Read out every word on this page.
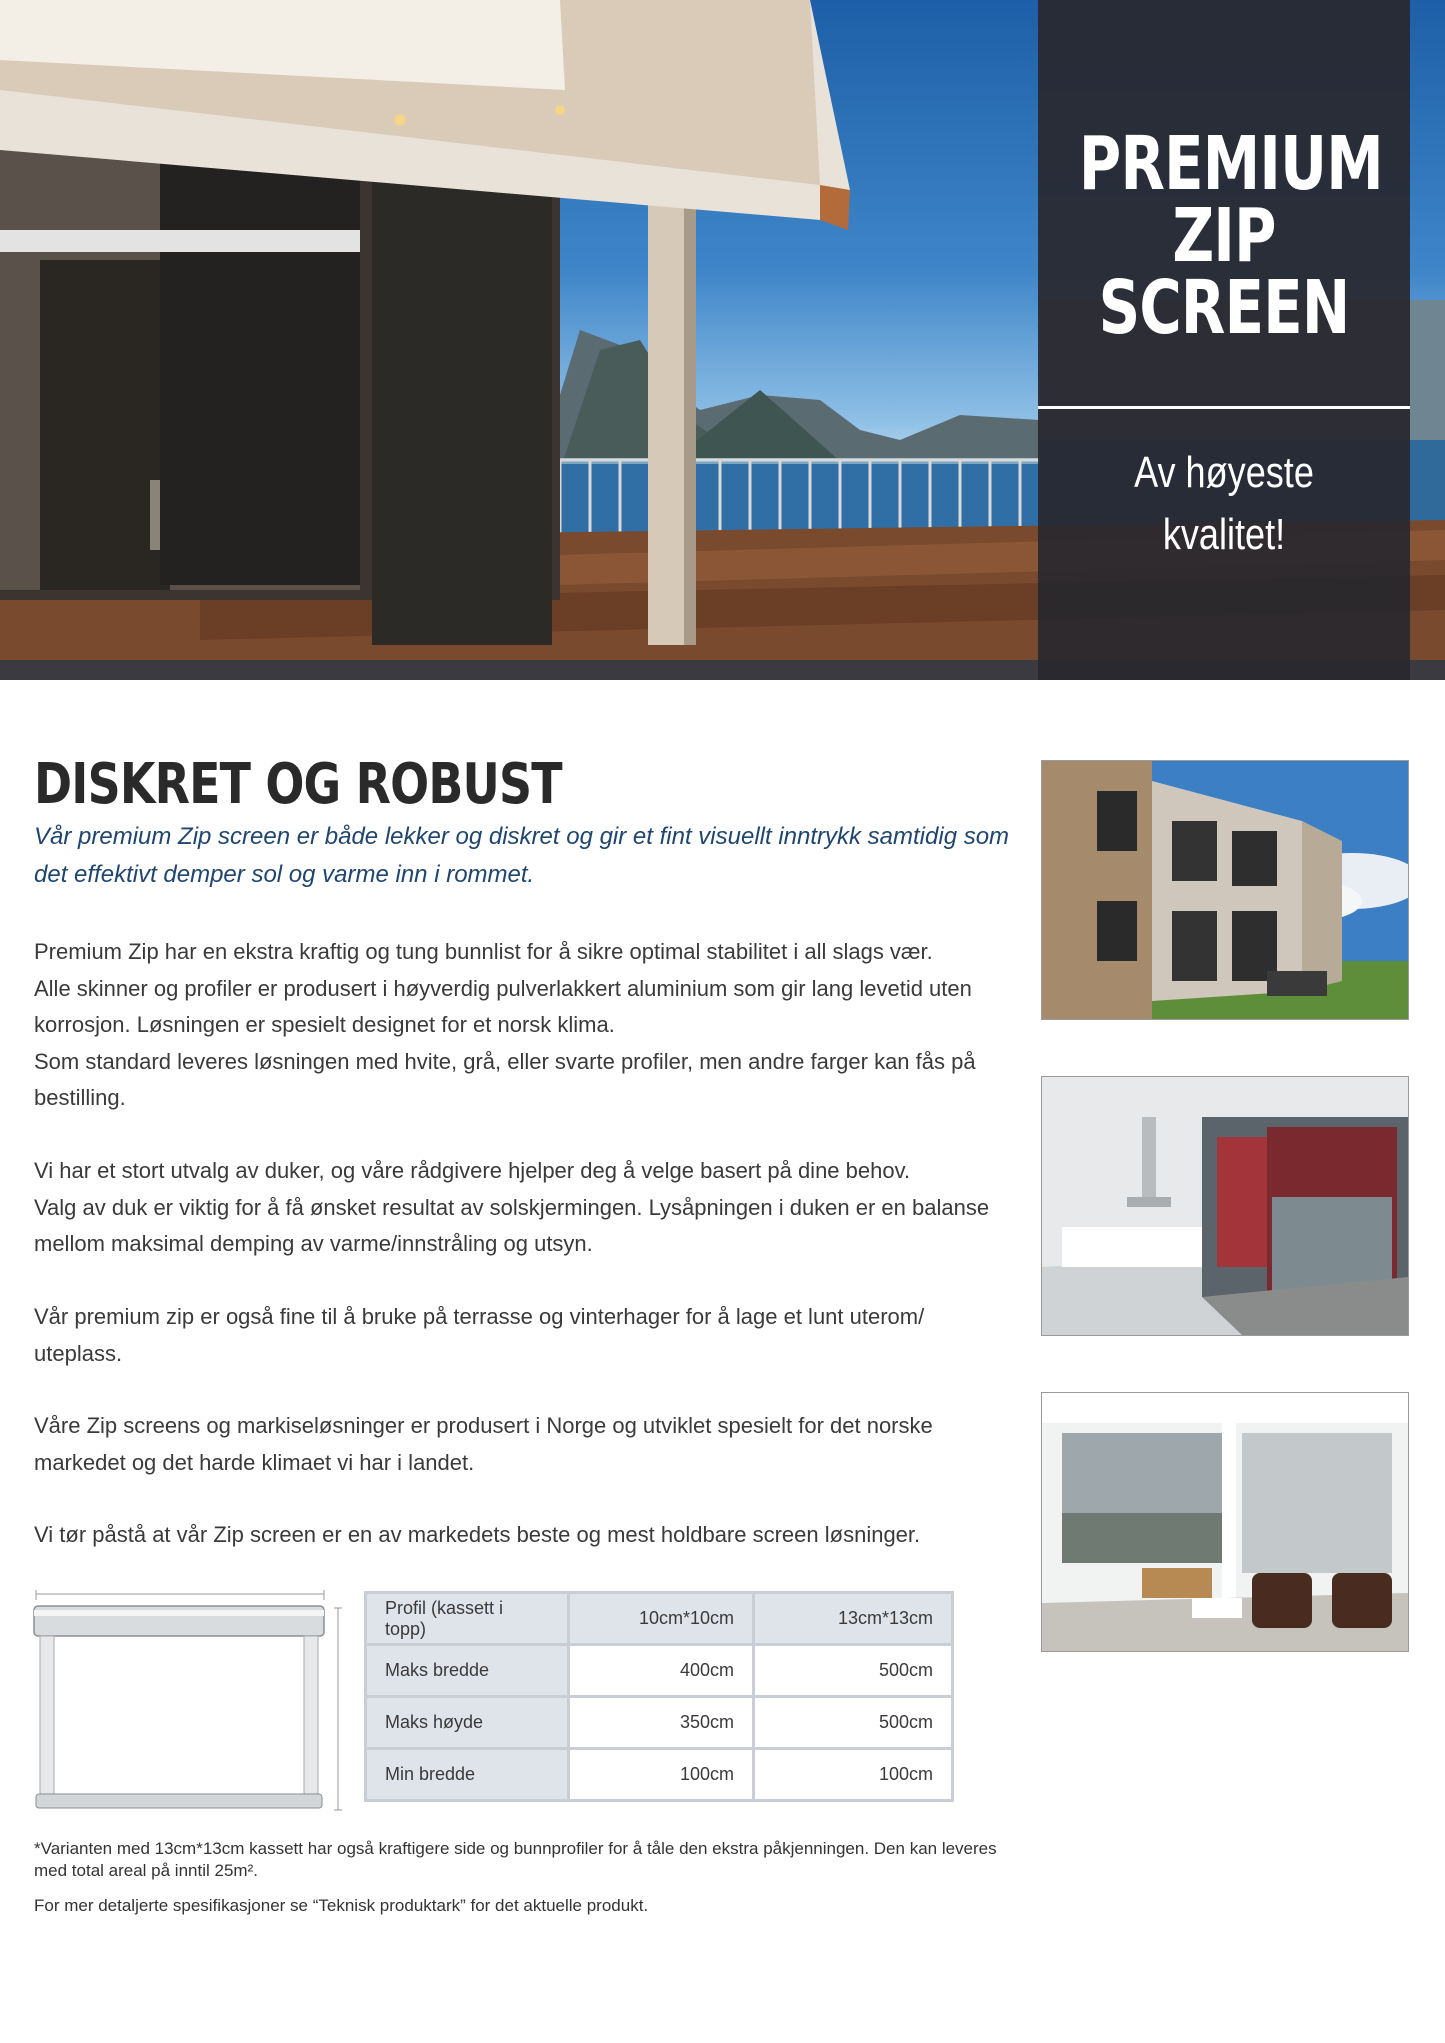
PREMIUM
ZIP
SCREEN
Av høyeste
kvalitet!
DISKRET OG ROBUST
Vår premium Zip screen er både lekker og diskret og gir et fint visuellt inntrykk samtidig som det effektivt demper sol og varme inn i rommet.

Premium Zip har en ekstra kraftig og tung bunnlist for å sikre optimal stabilitet i all slags vær.

Alle skinner og profiler er produsert i høyverdig pulverlakkert aluminium som gir lang levetid uten korrosjon. Løsningen er spesielt designet for et norsk klima.

Som standard leveres løsningen med hvite, grå, eller svarte profiler, men andre farger kan fås på bestilling.

Vi har et stort utvalg av duker, og våre rådgivere hjelper deg å velge basert på dine behov.

Valg av duk er viktig for å få ønsket resultat av solskjermingen. Lysåpningen i duken er en balanse mellom maksimal demping av varme/innstråling og utsyn.

Vår premium zip er også fine til å bruke på terrasse og vinterhager for å lage et lunt uterom/ uteplass.

Våre Zip screens og markiseløsninger er produsert i Norge og utviklet spesielt for det norske markedet og det harde klimaet vi har i landet.

Vi tør påstå at vår Zip screen er en av markedets beste og mest holdbare screen løsninger.

Profil (kassett i topp)	10cm*10cm	13cm*13cm
Maks bredde	400cm	500cm
Maks høyde	350cm	500cm
Min bredde	100cm	100cm
*Varianten med 13cm*13cm kassett har også kraftigere side og bunnprofiler for å tåle den ekstra påkjenningen. Den kan leveres med total areal på inntil 25m².
For mer detaljerte spesifikasjoner se “Teknisk produktark” for det aktuelle produkt.
